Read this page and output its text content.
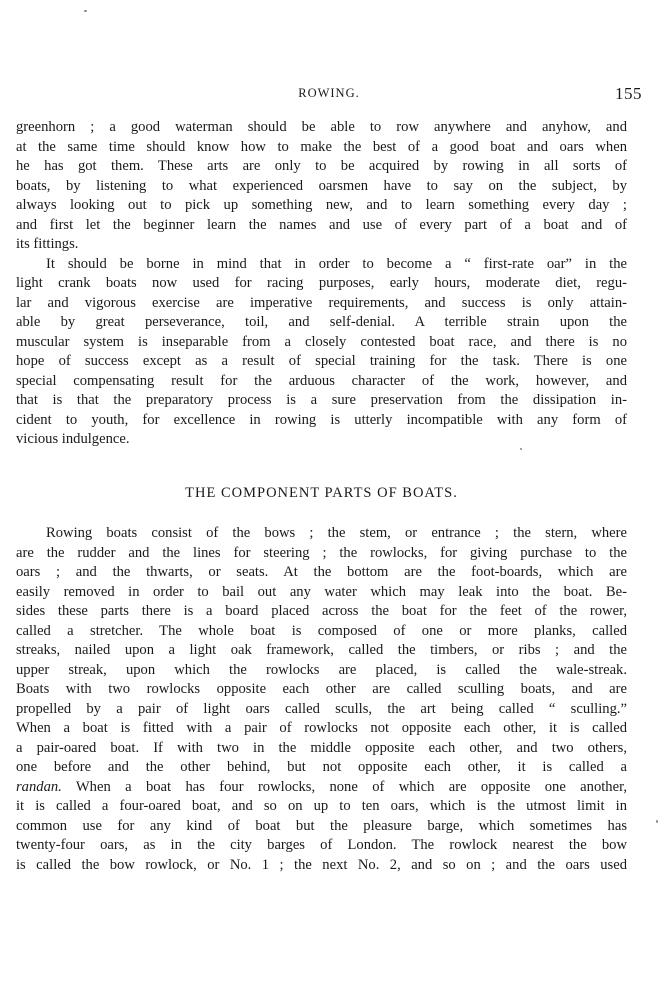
ROWING.	155

greenhorn ; a good waterman should be able to row anywhere and anyhow, and
at the same time should know how to make the best of a good boat and oars when
he has got them. These arts are only to be acquired by rowing in all sorts of
boats, by listening to what experienced oarsmen have to say on the subject, by
always looking out to pick up something new, and to learn something every day ;
and first let the beginner learn the names and use of every part of a boat and of
its fittings.

It should be borne in mind that in order to become a “ first-rate oar” in the
light crank boats now used for racing purposes, early hours, moderate diet, regu-
lar and vigorous exercise are imperative requirements, and success is only attain-
able by great perseverance, toil, and self-denial. A terrible strain upon the
muscular system is inseparable from a closely contested boat race, and there is no
hope of success except as a result of special training for the task. There is one
special compensating result for the arduous character of the work, however, and
that is that the preparatory process is a sure preservation from the dissipation in-
cident to youth, for excellence in rowing is utterly incompatible with any form of
vicious indulgence.

THE COMPONENT PARTS OF BOATS.

Rowing boats consist of the bows ; the stem, or entrance ; the stern, where
are the rudder and the lines for steering ; the rowlocks, for giving purchase to the
oars ; and the thwarts, or seats. At the bottom are the foot-boards, which are
easily removed in order to bail out any water which may leak into the boat. Be-
sides these parts there is a board placed across the boat for the feet of the rower,
called a stretcher. The whole boat is composed of one or more planks, called
streaks, nailed upon a light oak framework, called the timbers, or ribs ; and the
upper streak, upon which the rowlocks are placed, is called the wale-streak.
Boats with two rowlocks opposite each other are called sculling boats, and are
propelled by a pair of light oars called sculls, the art being called “ sculling.”
When a boat is fitted with a pair of rowlocks not opposite each other, it is called
a pair-oared boat. If with two in the middle opposite each other, and two others,
one before and the other behind, but not opposite each other, it is called a
randan. When a boat has four rowlocks, none of which are opposite one another,
it is called a four-oared boat, and so on up to ten oars, which is the utmost limit in
common use for any kind of boat but the pleasure barge, which sometimes has
twenty-four oars, as in the city barges of London. The rowlock nearest the bow
is called the bow rowlock, or No. 1 ; the next No. 2, and so on ; and the oars used
